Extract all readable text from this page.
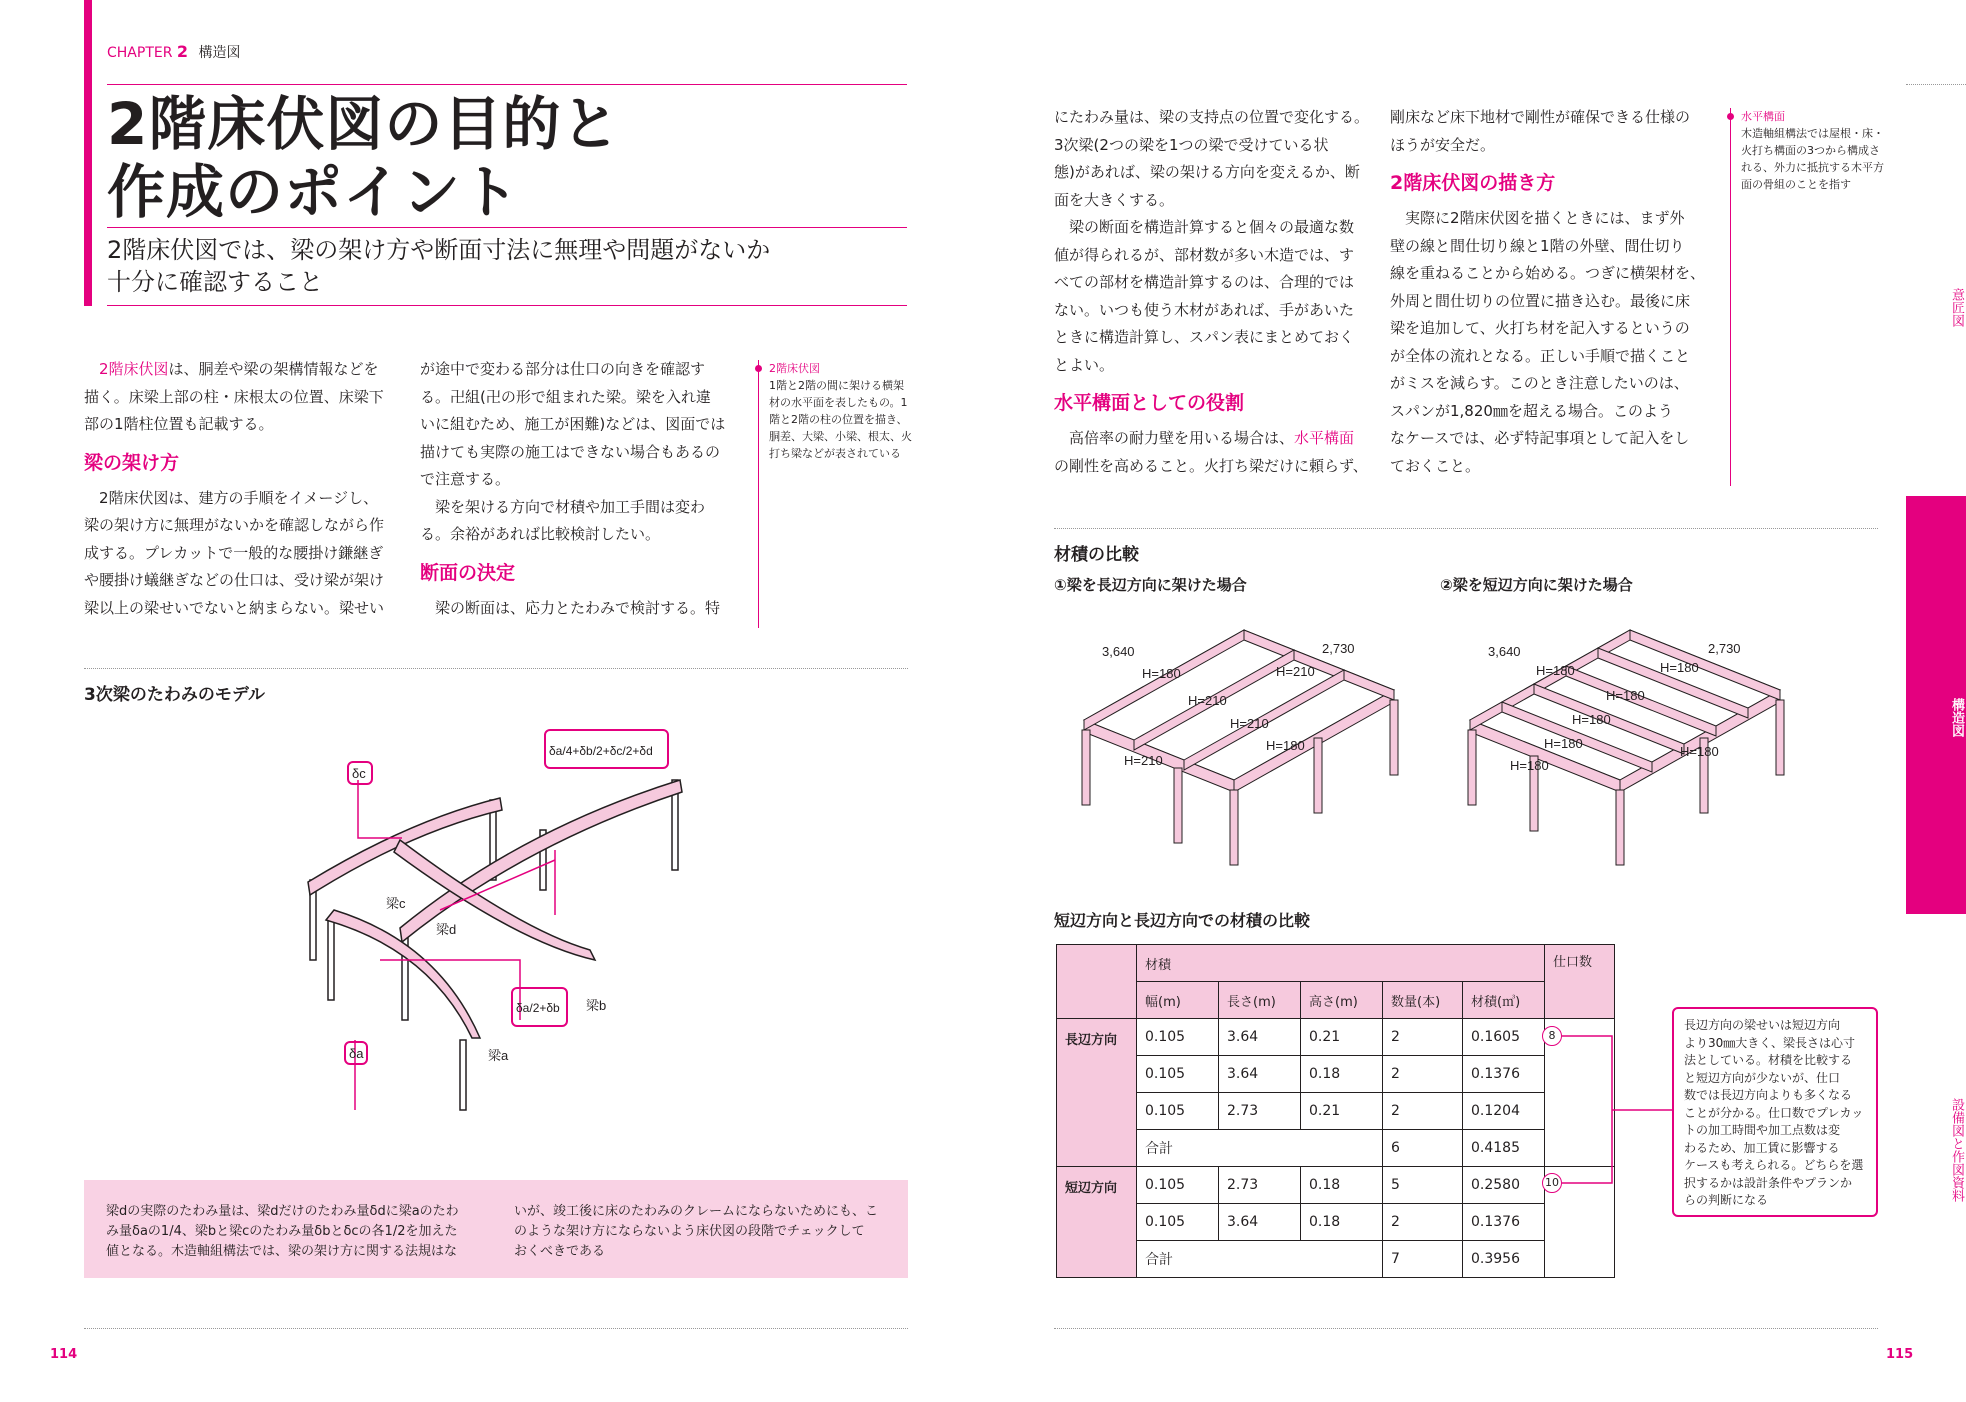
CHAPTER 2 構造図
2階床伏図の目的と
作成のポイント
2階床伏図では、梁の架け方や断面寸法に無理や問題がないか
十分に確認すること

2階床伏図は、胴差や梁の架構情報などを

描く。床梁上部の柱・床根太の位置、床梁下

部の1階柱位置も記載する。

梁の架け方

2階床伏図は、建方の手順をイメージし、

梁の架け方に無理がないかを確認しながら作

成する。プレカットで一般的な腰掛け鎌継ぎ

や腰掛け蟻継ぎなどの仕口は、受け梁が架け

梁以上の梁せいでないと納まらない。梁せい

が途中で変わる部分は仕口の向きを確認す

る。卍組(卍の形で組まれた梁。梁を入れ違

いに組むため、施工が困難)などは、図面では

描けても実際の施工はできない場合もあるの

で注意する。

梁を架ける方向で材積や加工手間は変わ

る。余裕があれば比較検討したい。

断面の決定

梁の断面は、応力とたわみで検討する。特

2階床伏図
1階と2階の間に架ける横架
材の水平面を表したもの。1
階と2階の柱の位置を描き、
胴差、大梁、小梁、根太、火
打ち梁などが表されている
3次梁のたわみのモデル
δc
δa/4+δb/2+δc/2+δd
δa/2+δb
δa
梁c
梁d
梁b
梁a
梁dの実際のたわみ量は、梁dだけのたわみ量δdに梁aのたわ
み量δaの1/4、梁bと梁cのたわみ量δbとδcの各1/2を加えた
値となる。木造軸組構法では、梁の架け方に関する法規はな
いが、竣工後に床のたわみのクレームにならないためにも、こ
のような架け方にならないよう床伏図の段階でチェックして
おくべきである
114

にたわみ量は、梁の支持点の位置で変化する。

3次梁(2つの梁を1つの梁で受けている状

態)があれば、梁の架ける方向を変えるか、断

面を大きくする。

梁の断面を構造計算すると個々の最適な数

値が得られるが、部材数が多い木造では、す

べての部材を構造計算するのは、合理的では

ない。いつも使う木材があれば、手があいた

ときに構造計算し、スパン表にまとめておく

とよい。

水平構面としての役割

高倍率の耐力壁を用いる場合は、水平構面

の剛性を高めること。火打ち梁だけに頼らず、

剛床など床下地材で剛性が確保できる仕様の

ほうが安全だ。

2階床伏図の描き方

実際に2階床伏図を描くときには、まず外

壁の線と間仕切り線と1階の外壁、間仕切り

線を重ねることから始める。つぎに横架材を、

外周と間仕切りの位置に描き込む。最後に床

梁を追加して、火打ち材を記入するというの

が全体の流れとなる。正しい手順で描くこと

がミスを減らす。このとき注意したいのは、

スパンが1,820㎜を超える場合。このよう

なケースでは、必ず特記事項として記入をし

ておくこと。

水平構面
木造軸組構法では屋根・床・
火打ち構面の3つから構成さ
れる、外力に抵抗する木平方
面の骨組のことを指す
材積の比較
①梁を長辺方向に架けた場合	②梁を短辺方向に架けた場合
3,640	2,730
H=180	H=210
H=210
H=210
H=210
H=180
3,640	2,730
H=180	H=180
H=180
H=180
H=180
H=180
H=180
短辺方向と長辺方向での材積の比較
	材積					仕口数
	幅(m)	長さ(m)	高さ(m)	数量(本)	材積(㎥)	
長辺方向	0.105	3.64	0.21	2	0.1605	
	0.105	3.64	0.18	2	0.1376	
	0.105	2.73	0.21	2	0.1204	
	合計			6	0.4185	
短辺方向	0.105	2.73	0.18	5	0.2580	
	0.105	3.64	0.18	2	0.1376	
	合計			7	0.3956	
8
10
長辺方向の梁せいは短辺方向
より30㎜大きく、梁長さは心寸
法としている。材積を比較する
と短辺方向が少ないが、仕口
数では長辺方向よりも多くなる
ことが分かる。仕口数でプレカッ
トの加工時間や加工点数は変
わるため、加工賃に影響する
ケースも考えられる。どちらを選
択するかは設計条件やプランか
らの判断になる
115
意匠図
構造図
設備図と作図資料
